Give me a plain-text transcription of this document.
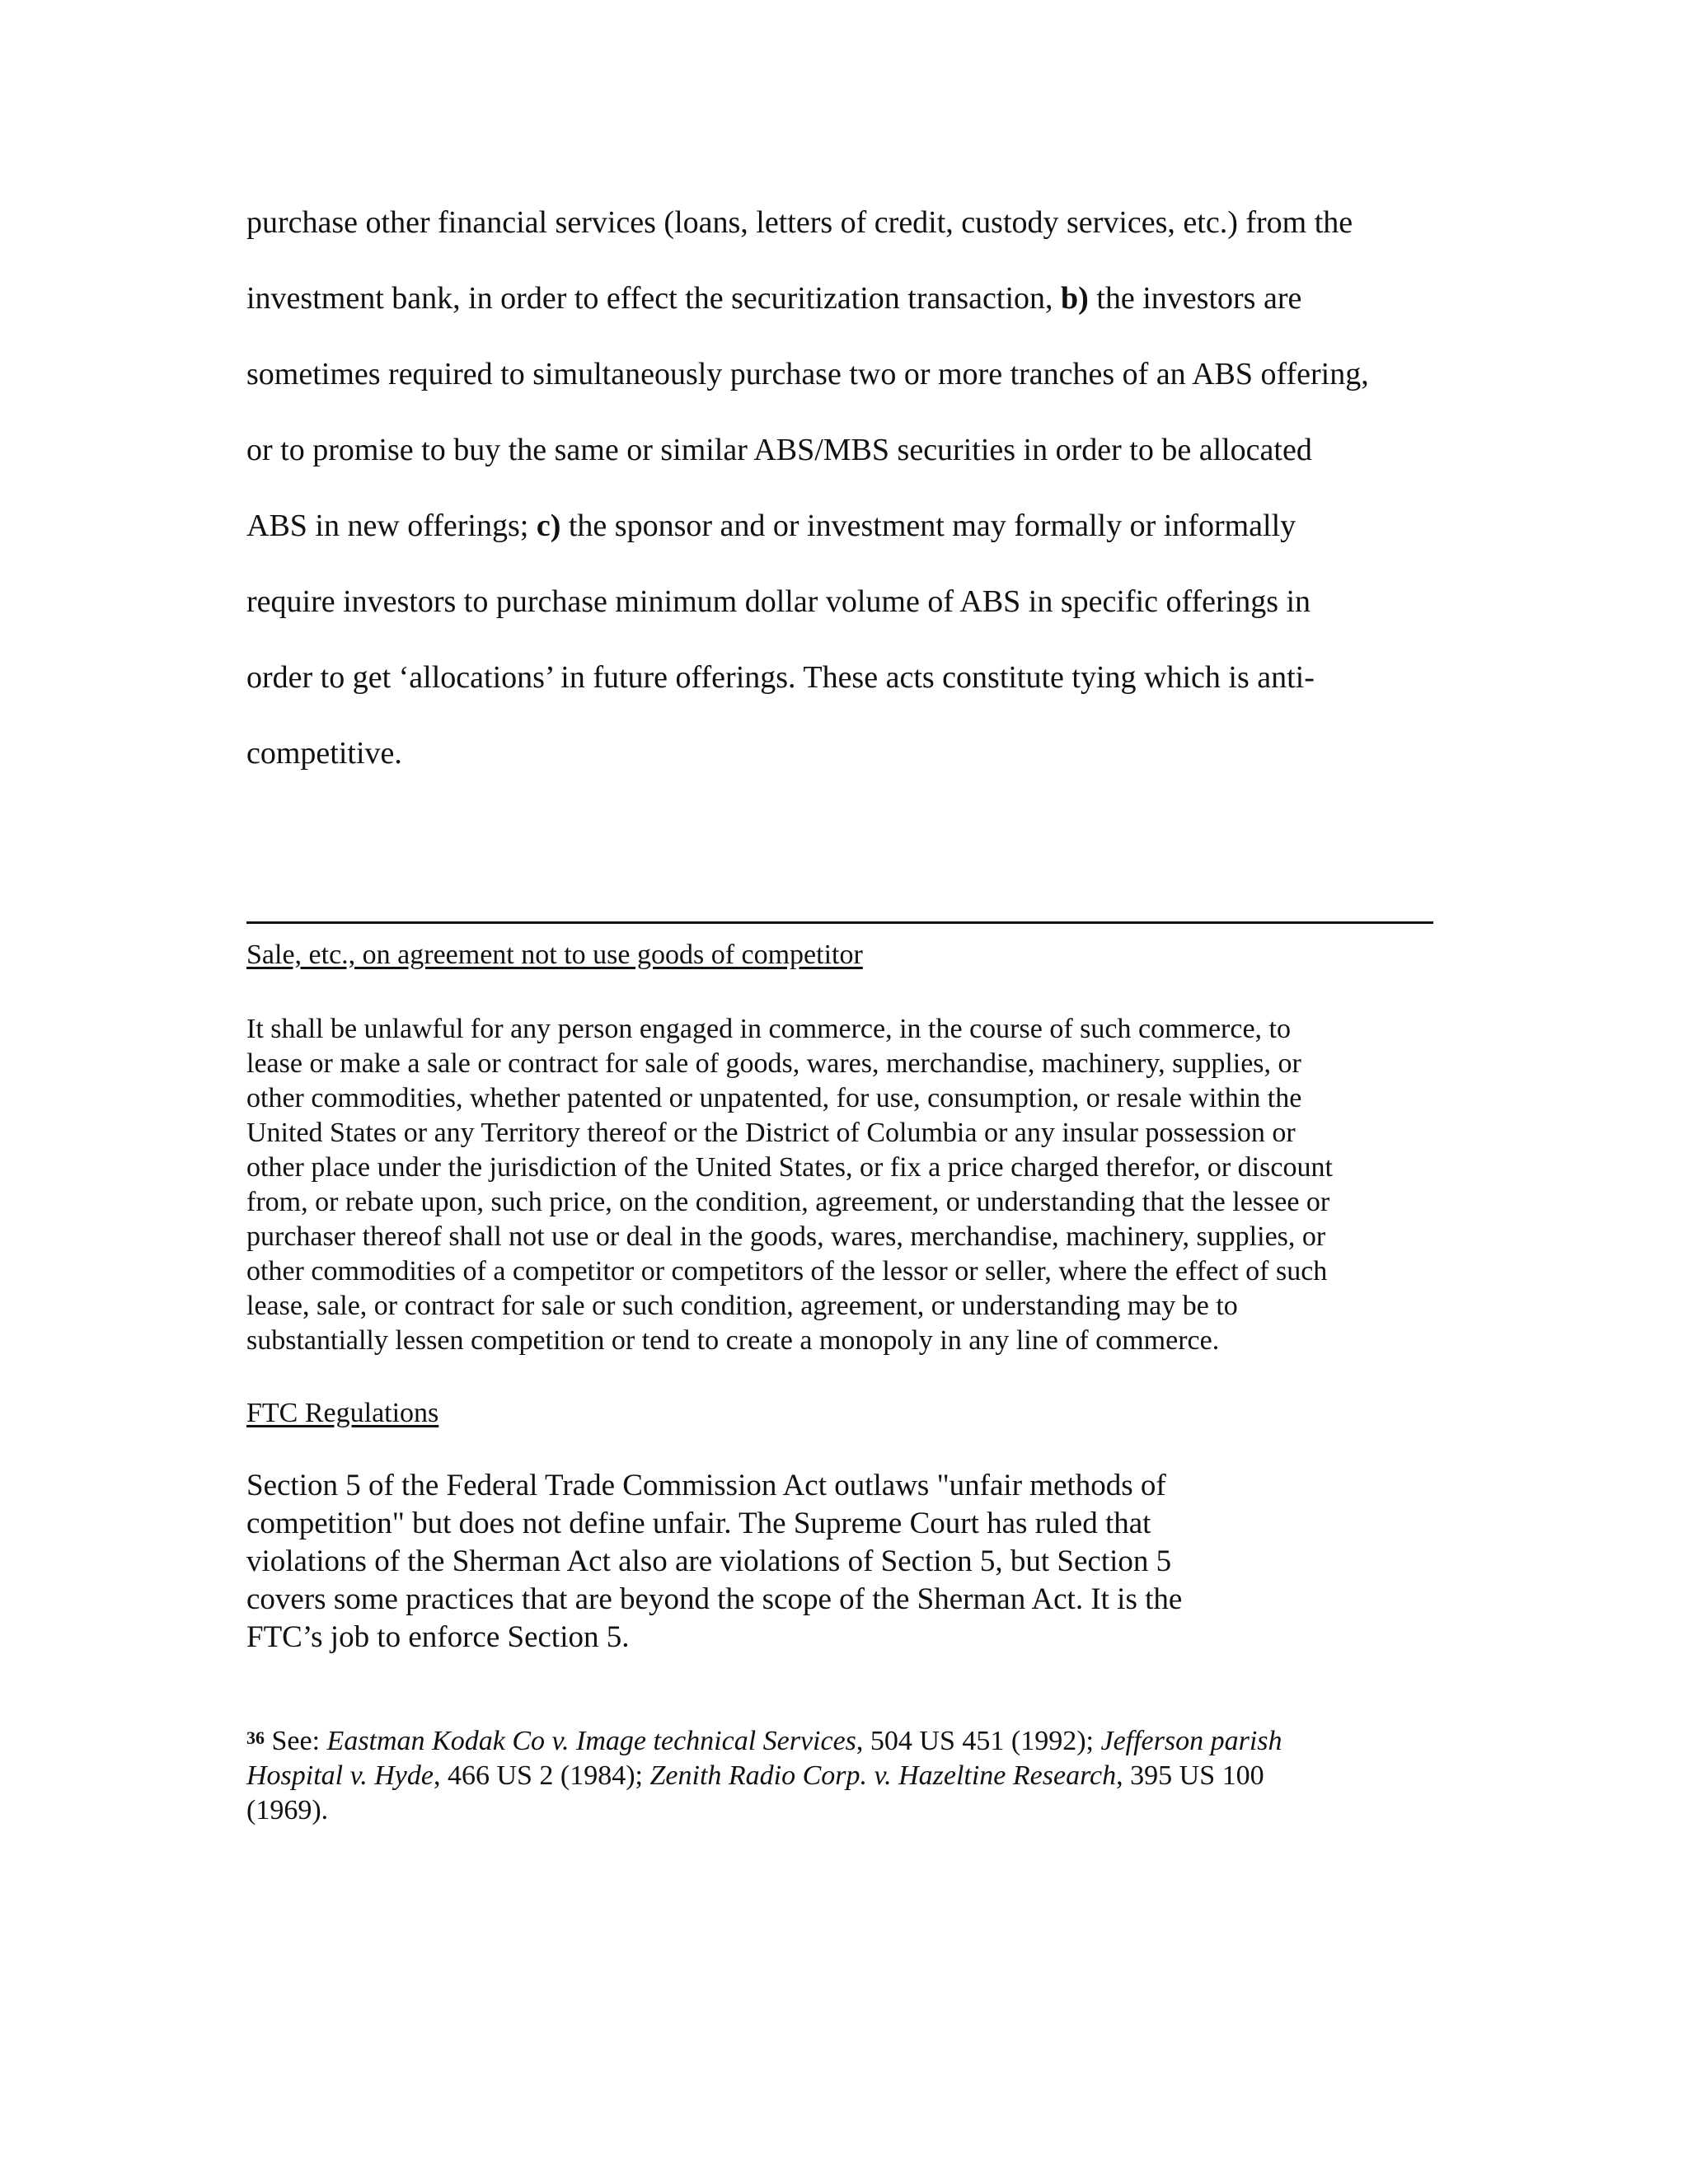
purchase other financial services (loans, letters of credit, custody services, etc.) from the
investment bank, in order to effect the securitization transaction, b) the investors are
sometimes required to simultaneously purchase two or more tranches of an ABS offering,
or to promise to buy the same or similar ABS/MBS securities in order to be allocated
ABS in new offerings; c) the sponsor and or investment may formally or informally
require investors to purchase minimum dollar volume of ABS in specific offerings in
order to get ‘allocations’ in future offerings. These acts constitute tying which is anti-
competitive.
Sale, etc., on agreement not to use goods of competitor
It shall be unlawful for any person engaged in commerce, in the course of such commerce, to
lease or make a sale or contract for sale of goods, wares, merchandise, machinery, supplies, or
other commodities, whether patented or unpatented, for use, consumption, or resale within the
United States or any Territory thereof or the District of Columbia or any insular possession or
other place under the jurisdiction of the United States, or fix a price charged therefor, or discount
from, or rebate upon, such price, on the condition, agreement, or understanding that the lessee or
purchaser thereof shall not use or deal in the goods, wares, merchandise, machinery, supplies, or
other commodities of a competitor or competitors of the lessor or seller, where the effect of such
lease, sale, or contract for sale or such condition, agreement, or understanding may be to
substantially lessen competition or tend to create a monopoly in any line of commerce.
FTC Regulations
Section 5 of the Federal Trade Commission Act outlaws "unfair methods of
competition" but does not define unfair. The Supreme Court has ruled that
violations of the Sherman Act also are violations of Section 5, but Section 5
covers some practices that are beyond the scope of the Sherman Act. It is the
FTC’s job to enforce Section 5.
$^{36}$ See: Eastman Kodak Co v. Image technical Services, 504 US 451 (1992); Jefferson parish
Hospital v. Hyde, 466 US 2 (1984); Zenith Radio Corp. v. Hazeltine Research, 395 US 100
(1969).
